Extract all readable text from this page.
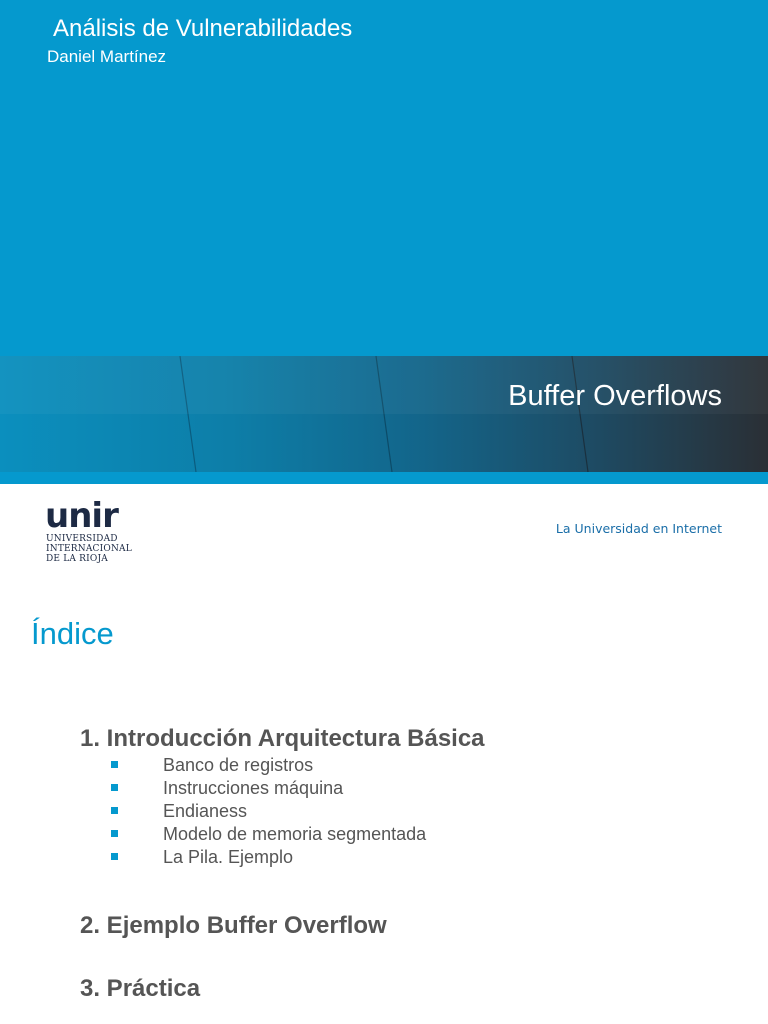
Análisis de Vulnerabilidades
Daniel Martínez
Buffer Overflows
unir
UNIVERSIDAD
INTERNACIONAL
DE LA RIOJA
La Universidad en Internet
Índice
1. Introducción Arquitectura Básica
Banco de registros
Instrucciones máquina
Endianess
Modelo de memoria segmentada
La Pila. Ejemplo
2. Ejemplo Buffer Overflow
3. Práctica
